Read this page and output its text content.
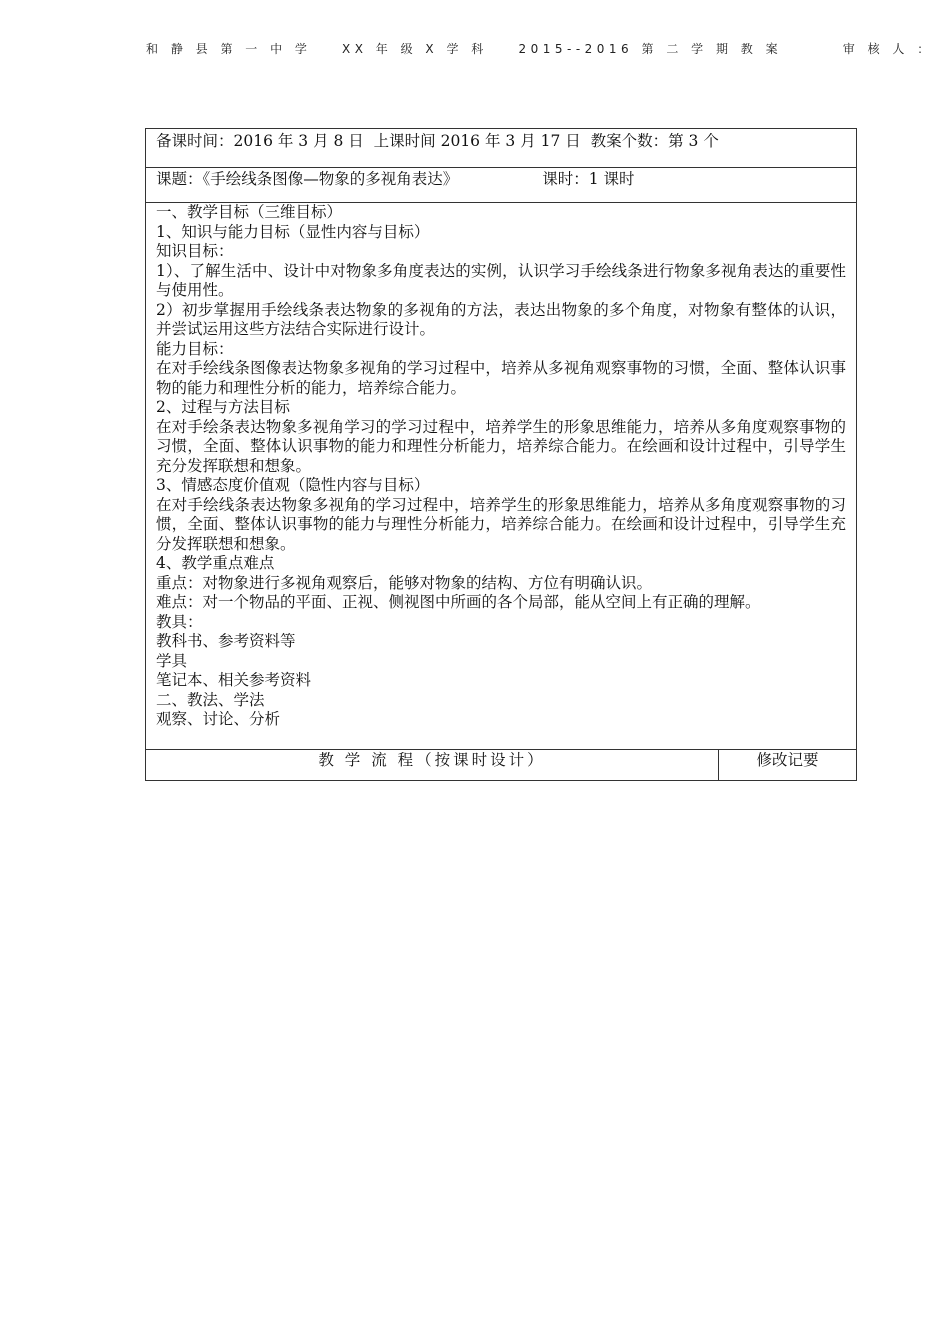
和 静 县 第 一 中 学	XX 年 级 X 学 科	2015--2016 第 二 学 期 教 案	审 核 人 ：
备课时间：2016 年 3 月 8 日 上课时间 2016 年 3 月 17 日 教案个数：第 3 个
课题：《手绘线条图像—物象的多视角表达》	课时：1 课时

一、教学目标（三维目标）

1、知识与能力目标（显性内容与目标）

知识目标：

1）、了解生活中、设计中对物象多角度表达的实例，认识学习手绘线条进行物象多视角表达的重要性与使用性。

2）初步掌握用手绘线条表达物象的多视角的方法，表达出物象的多个角度，对物象有整体的认识，并尝试运用这些方法结合实际进行设计。

能力目标：

在对手绘线条图像表达物象多视角的学习过程中，培养从多视角观察事物的习惯，全面、整体认识事物的能力和理性分析的能力，培养综合能力。

2、过程与方法目标

在对手绘条表达物象多视角学习的学习过程中，培养学生的形象思维能力，培养从多角度观察事物的习惯，全面、整体认识事物的能力和理性分析能力，培养综合能力。在绘画和设计过程中，引导学生充分发挥联想和想象。

3、情感态度价值观（隐性内容与目标）

在对手绘线条表达物象多视角的学习过程中，培养学生的形象思维能力，培养从多角度观察事物的习惯，全面、整体认识事物的能力与理性分析能力，培养综合能力。在绘画和设计过程中，引导学生充分发挥联想和想象。

4、教学重点难点

重点：对物象进行多视角观察后，能够对物象的结构、方位有明确认识。

难点：对一个物品的平面、正视、侧视图中所画的各个局部，能从空间上有正确的理解。

教具：

教科书、参考资料等

学具

笔记本、相关参考资料

二、教法、学法

观察、讨论、分析

教 学 流 程（按课时设计）	修改记要
